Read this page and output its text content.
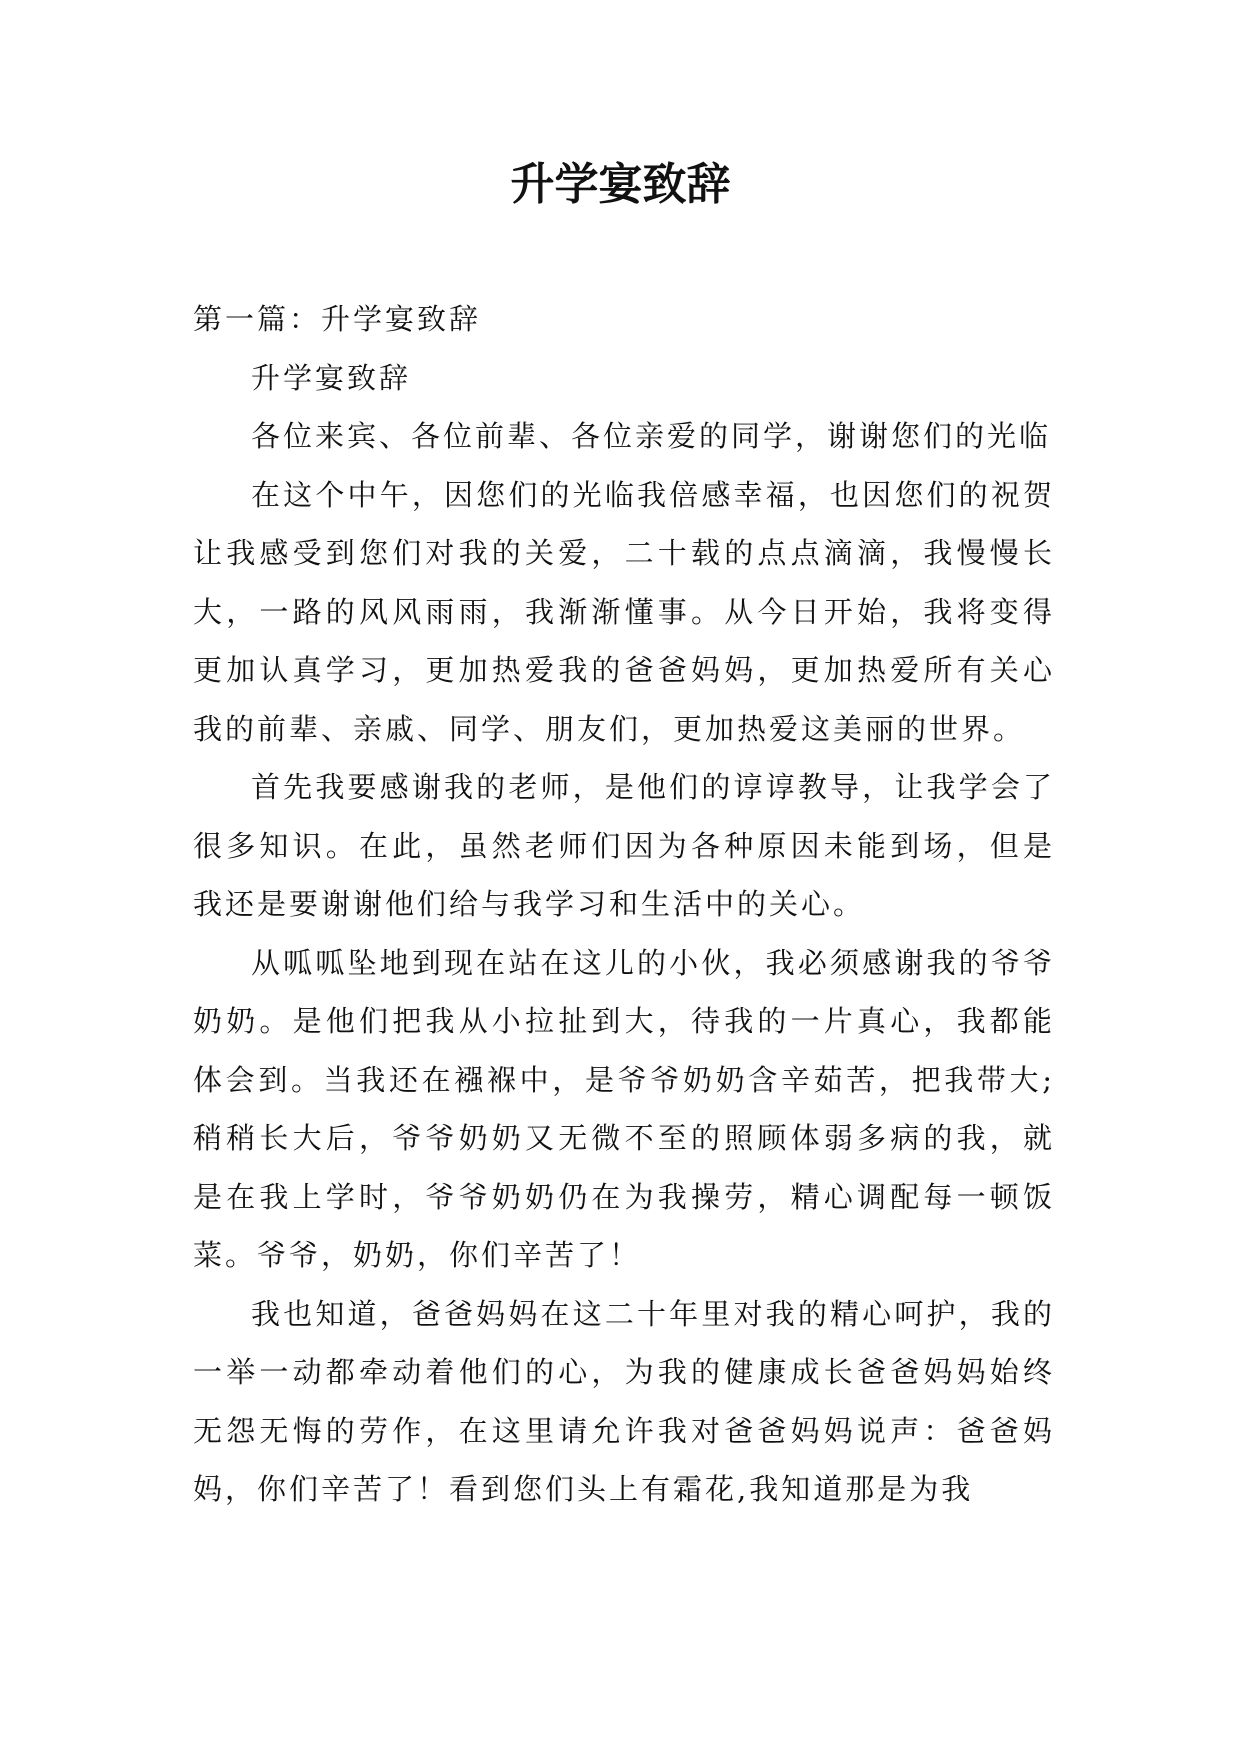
升学宴致辞

第一篇：升学宴致辞

升学宴致辞

各位来宾、各位前辈、各位亲爱的同学，谢谢您们的光临

在这个中午，因您们的光临我倍感幸福，也因您们的祝贺让我感受到您们对我的关爱，二十载的点点滴滴，我慢慢长大，一路的风风雨雨，我渐渐懂事。从今日开始，我将变得更加认真学习，更加热爱我的爸爸妈妈，更加热爱所有关心我的前辈、亲戚、同学、朋友们，更加热爱这美丽的世界。

首先我要感谢我的老师，是他们的谆谆教导，让我学会了很多知识。在此，虽然老师们因为各种原因未能到场，但是我还是要谢谢他们给与我学习和生活中的关心。

从呱呱坠地到现在站在这儿的小伙，我必须感谢我的爷爷奶奶。是他们把我从小拉扯到大，待我的一片真心，我都能体会到。当我还在襁褓中，是爷爷奶奶含辛茹苦，把我带大;稍稍长大后，爷爷奶奶又无微不至的照顾体弱多病的我，就是在我上学时，爷爷奶奶仍在为我操劳，精心调配每一顿饭菜。爷爷，奶奶，你们辛苦了！

我也知道，爸爸妈妈在这二十年里对我的精心呵护，我的一举一动都牵动着他们的心，为我的健康成长爸爸妈妈始终无怨无悔的劳作，在这里请允许我对爸爸妈妈说声：爸爸妈妈，你们辛苦了！看到您们头上有霜花,我知道那是为我
